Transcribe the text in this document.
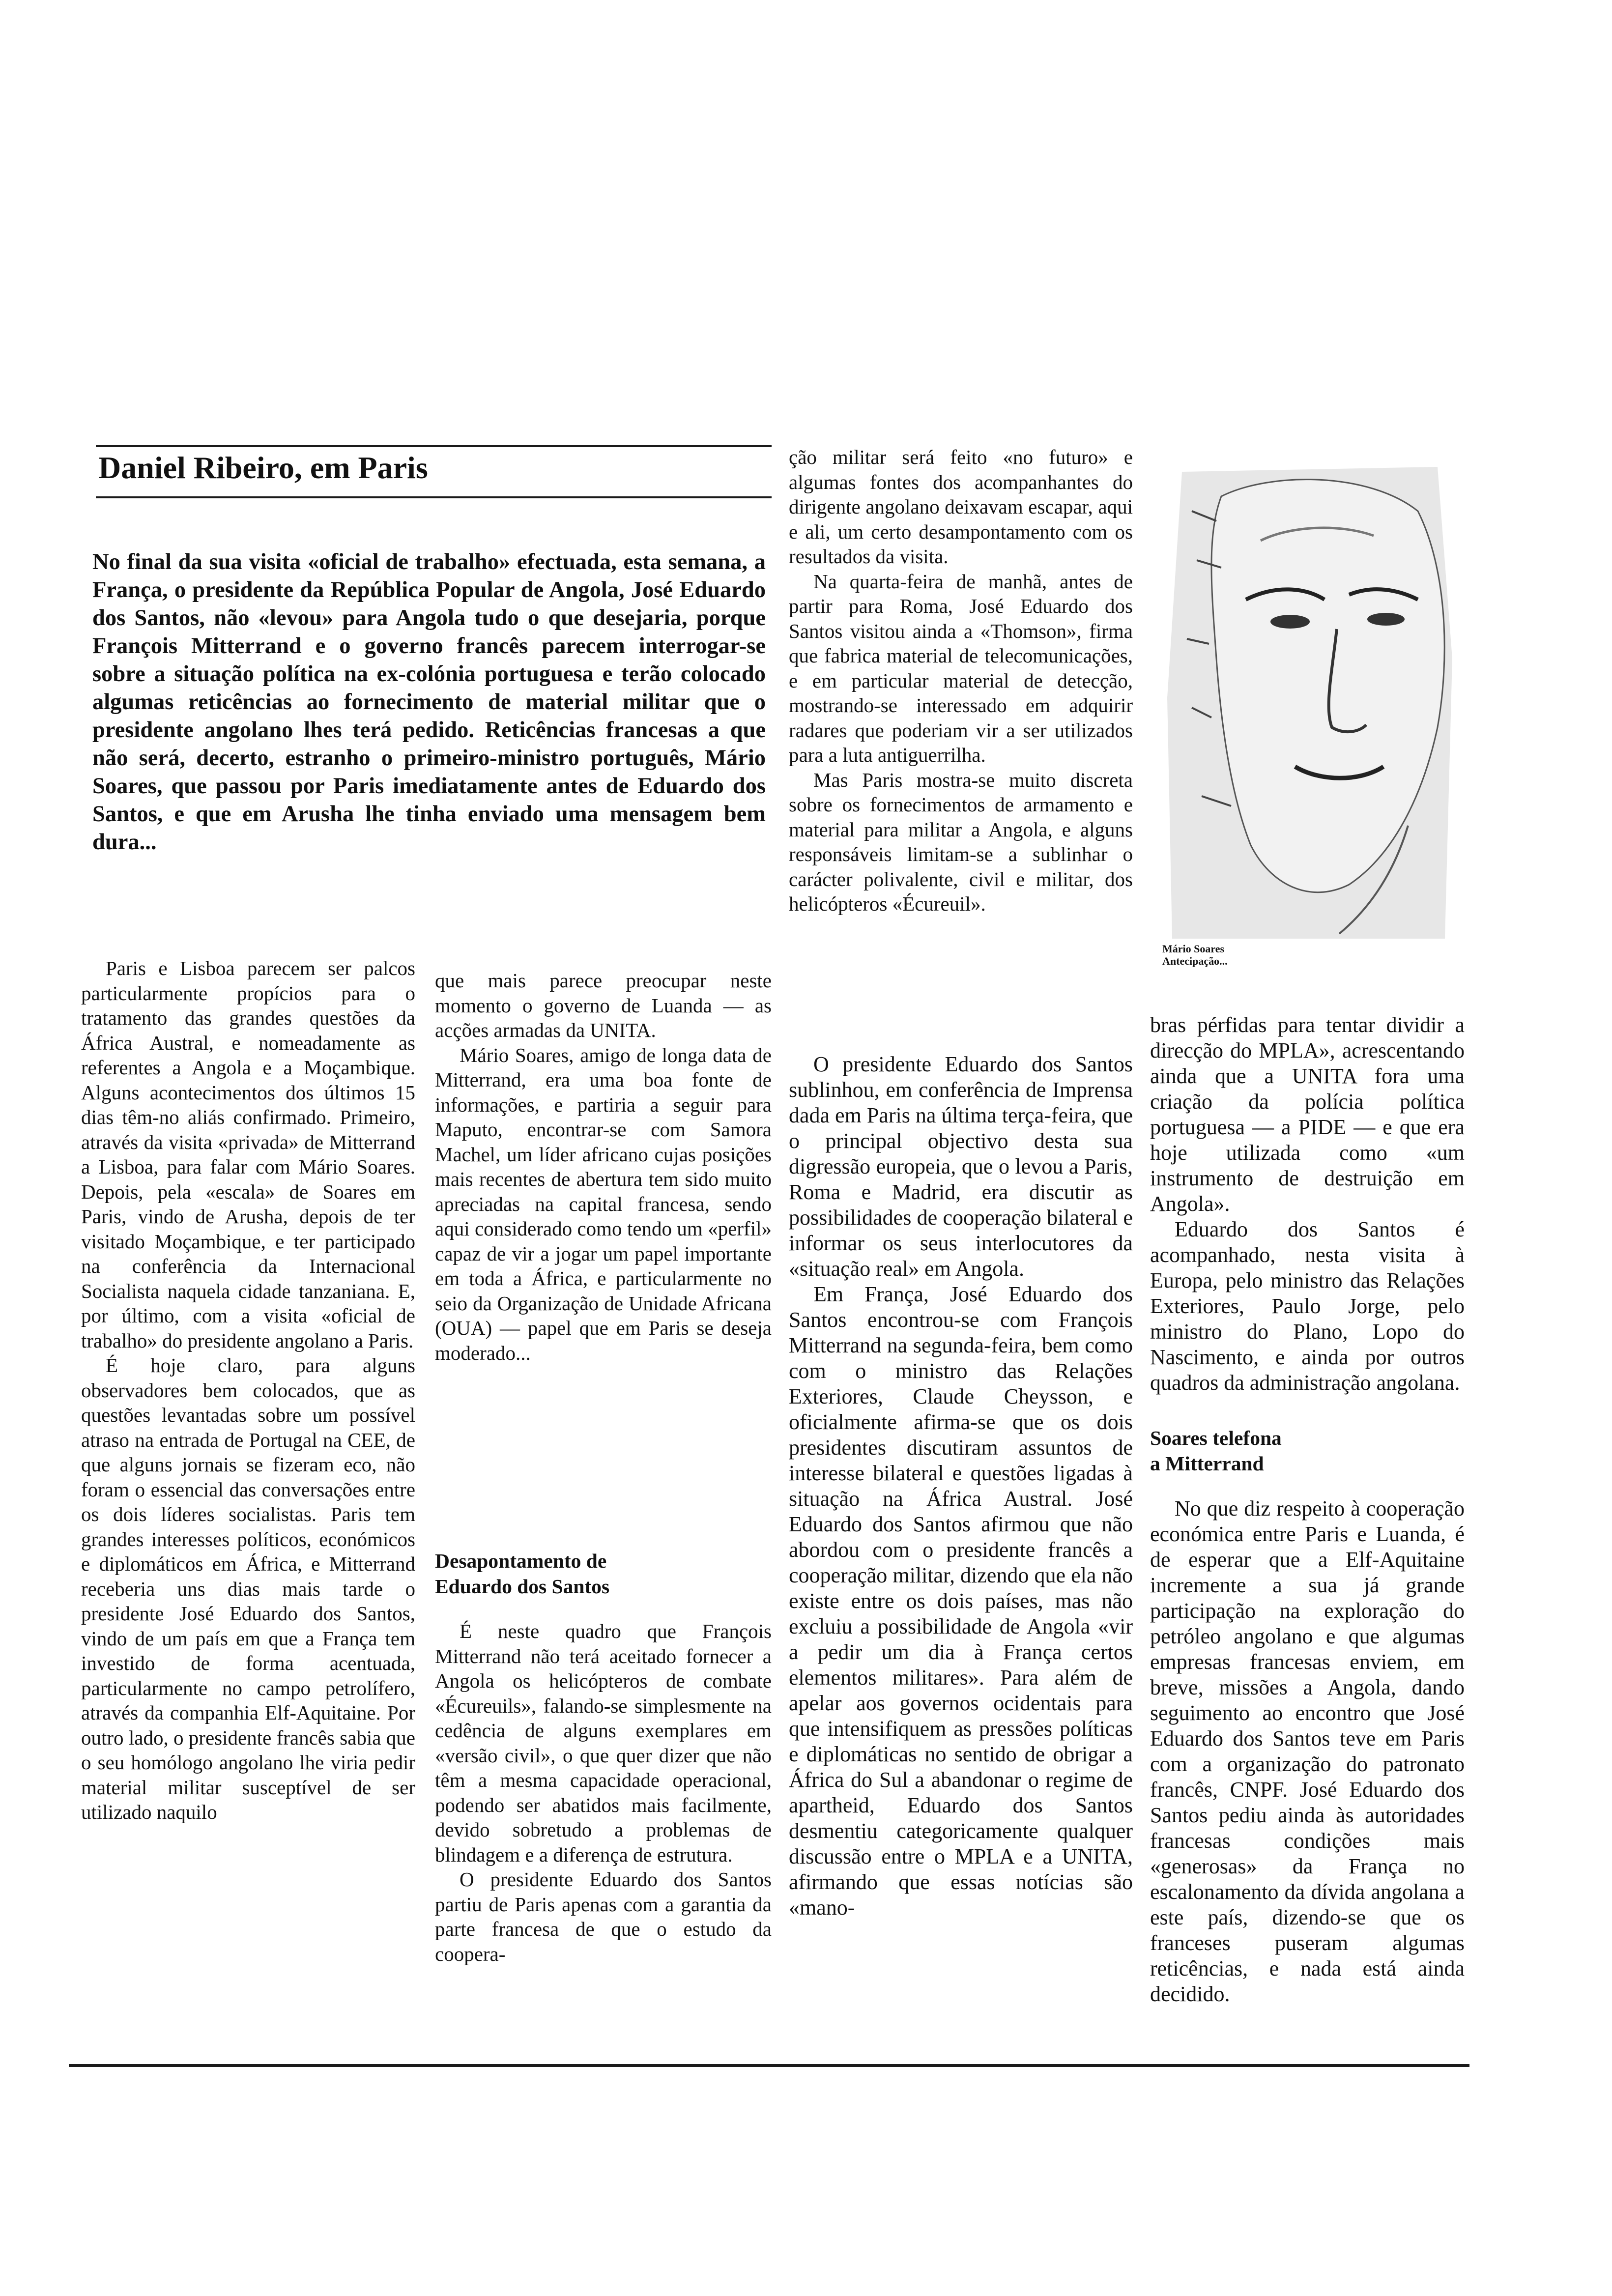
Daniel Ribeiro, em Paris

No final da sua visita «oficial de trabalho» efectuada, esta semana, a França, o presidente da República Popular de Angola, José Eduardo dos Santos, não «levou» para Angola tudo o que desejaria, porque François Mitterrand e o governo francês parecem interrogar-se sobre a situação política na ex-colónia portuguesa e terão colocado algumas reticências ao fornecimento de material militar que o presidente angolano lhes terá pedido. Reticências francesas a que não será, decerto, estranho o primeiro-ministro português, Mário Soares, que passou por Paris imediatamente antes de Eduardo dos Santos, e que em Arusha lhe tinha enviado uma mensagem bem dura...

Paris e Lisboa parecem ser palcos particularmente propícios para o tratamento das grandes questões da África Austral, e nomeadamente as referentes a Angola e a Moçambique. Alguns acontecimentos dos últimos 15 dias têm-no aliás confirmado. Primeiro, através da visita «privada» de Mitterrand a Lisboa, para falar com Mário Soares. Depois, pela «escala» de Soares em Paris, vindo de Arusha, depois de ter visitado Moçambique, e ter participado na conferência da Internacional Socialista naquela cidade tanzaniana. E, por último, com a visita «oficial de trabalho» do presidente angolano a Paris.

É hoje claro, para alguns observadores bem colocados, que as questões levantadas sobre um possível atraso na entrada de Portugal na CEE, de que alguns jornais se fizeram eco, não foram o essencial das conversações entre os dois líderes socialistas. Paris tem grandes interesses políticos, económicos e diplomáticos em África, e Mitterrand receberia uns dias mais tarde o presidente José Eduardo dos Santos, vindo de um país em que a França tem investido de forma acentuada, particularmente no campo petrolífero, através da companhia Elf-Aquitaine. Por outro lado, o presidente francês sabia que o seu homólogo angolano lhe viria pedir material militar susceptível de ser utilizado naquilo

que mais parece preocupar neste momento o governo de Luanda — as acções armadas da UNITA.

Mário Soares, amigo de longa data de Mitterrand, era uma boa fonte de informações, e partiria a seguir para Maputo, encontrar-se com Samora Machel, um líder africano cujas posições mais recentes de abertura tem sido muito apreciadas na capital francesa, sendo aqui considerado como tendo um «perfil» capaz de vir a jogar um papel importante em toda a África, e particularmente no seio da Organização de Unidade Africana (OUA) — papel que em Paris se deseja moderado...

Desapontamento de
Eduardo dos Santos

É neste quadro que François Mitterrand não terá aceitado fornecer a Angola os helicópteros de combate «Écureuils», falando-se simplesmente na cedência de alguns exemplares em «versão civil», o que quer dizer que não têm a mesma capacidade operacional, podendo ser abatidos mais facilmente, devido sobretudo a problemas de blindagem e a diferença de estrutura.

O presidente Eduardo dos Santos partiu de Paris apenas com a garantia da parte francesa de que o estudo da coopera-

ção militar será feito «no futuro» e algumas fontes dos acompanhantes do dirigente angolano deixavam escapar, aqui e ali, um certo desampontamento com os resultados da visita.

Na quarta-feira de manhã, antes de partir para Roma, José Eduardo dos Santos visitou ainda a «Thomson», firma que fabrica material de telecomunicações, e em particular material de detecção, mostrando-se interessado em adquirir radares que poderiam vir a ser utilizados para a luta antiguerrilha.

Mas Paris mostra-se muito discreta sobre os fornecimentos de armamento e material para militar a Angola, e alguns responsáveis limitam-se a sublinhar o carácter polivalente, civil e militar, dos helicópteros «Écureuil».

O presidente Eduardo dos Santos sublinhou, em conferência de Imprensa dada em Paris na última terça-feira, que o principal objectivo desta sua digressão europeia, que o levou a Paris, Roma e Madrid, era discutir as possibilidades de cooperação bilateral e informar os seus interlocutores da «situação real» em Angola.

Em França, José Eduardo dos Santos encontrou-se com François Mitterrand na segunda-feira, bem como com o ministro das Relações Exteriores, Claude Cheysson, e oficialmente afirma-se que os dois presidentes discutiram assuntos de interesse bilateral e questões ligadas à situação na África Austral. José Eduardo dos Santos afirmou que não abordou com o presidente francês a cooperação militar, dizendo que ela não existe entre os dois países, mas não excluiu a possibilidade de Angola «vir a pedir um dia à França certos elementos militares». Para além de apelar aos governos ocidentais para que intensifiquem as pressões políticas e diplomáticas no sentido de obrigar a África do Sul a abandonar o regime de apartheid, Eduardo dos Santos desmentiu categoricamente qualquer discussão entre o MPLA e a UNITA, afirmando que essas notícias são «mano-

Mário Soares
Antecipação...

bras pérfidas para tentar dividir a direcção do MPLA», acrescentando ainda que a UNITA fora uma criação da polícia política portuguesa — a PIDE — e que era hoje utilizada como «um instrumento de destruição em Angola».

Eduardo dos Santos é acompanhado, nesta visita à Europa, pelo ministro das Relações Exteriores, Paulo Jorge, pelo ministro do Plano, Lopo do Nascimento, e ainda por outros quadros da administração angolana.

Soares telefona
a Mitterrand

No que diz respeito à cooperação económica entre Paris e Luanda, é de esperar que a Elf-Aquitaine incremente a sua já grande participação na exploração do petróleo angolano e que algumas empresas francesas enviem, em breve, missões a Angola, dando seguimento ao encontro que José Eduardo dos Santos teve em Paris com a organização do patronato francês, CNPF. José Eduardo dos Santos pediu ainda às autoridades francesas condições mais «generosas» da França no escalonamento da dívida angolana a este país, dizendo-se que os franceses puseram algumas reticências, e nada está ainda decidido.
